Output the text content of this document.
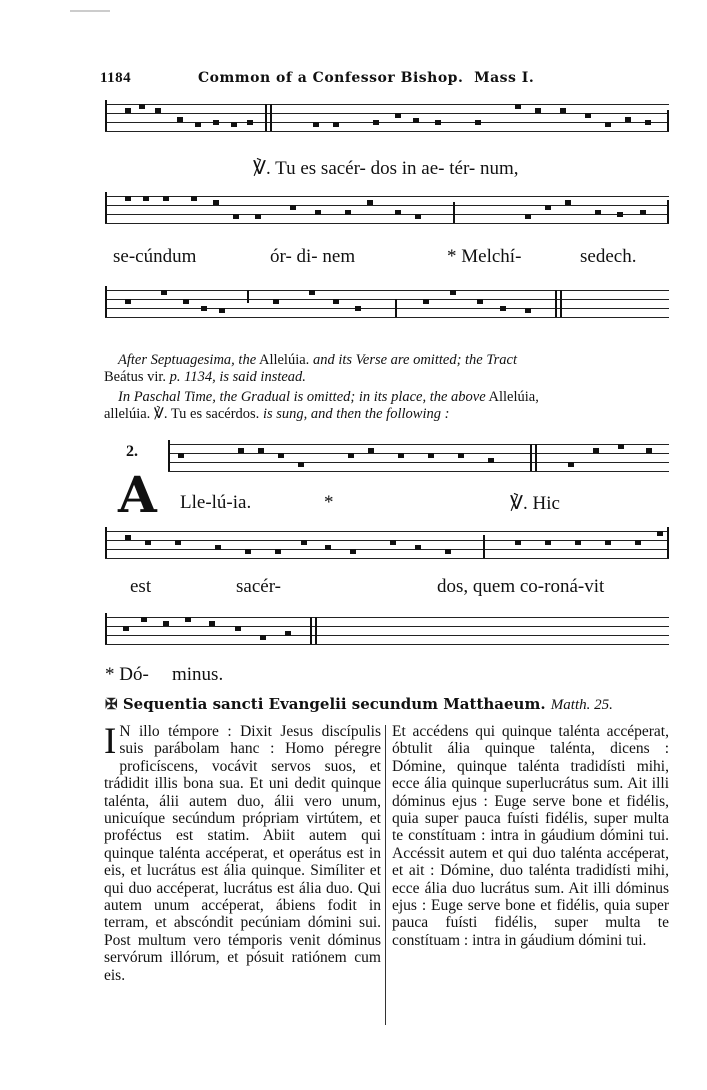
1184	Common of a Confessor Bishop. Mass I.
℣. Tu es sacér- dos in ae- tér- num,
se-cúndum	ór- di- nem	* Melchí-	sedech.
After Septuagesima, the Allelúia. and its Verse are omitted; the Tract
Beátus vir. p. 1134, is said instead.
In Paschal Time, the Gradual is omitted; in its place, the above Allelúia,
allelúia. ℣. Tu es sacérdos. is sung, and then the following :
2.
A Lle-lú-ia.	*	℣. Hic
est	sacér-	dos, quem co-roná-vit
* Dó- minus.
✠ Sequentia sancti Evangelii secundum Matthaeum. Matth. 25.
I N illo témpore : Dixit Jesus discípulis suis parábolam hanc : Homo péregre proficíscens, vocávit servos suos, et trádidit illis bona sua. Et uni dedit quinque talénta, álii autem duo, álii vero unum, unicuíque secúndum própriam virtútem, et proféctus est statim. Abiit autem qui quinque talénta accéperat, et operátus est in eis, et lucrátus est ália quinque. Simíliter et qui duo accéperat, lucrátus est ália duo. Qui autem unum accéperat, ábiens fodit in terram, et abscóndit pecúniam dómini sui. Post multum vero témporis venit dóminus servórum illórum, et pósuit ratiónem cum eis.
Et accédens qui quinque talénta accéperat, óbtulit ália quinque talénta, dicens : Dómine, quinque talénta tradidísti mihi, ecce ália quinque superlucrátus sum. Ait illi dóminus ejus : Euge serve bone et fidélis, quia super pauca fuísti fidélis, super multa te constítuam : intra in gáudium dómini tui. Accéssit autem et qui duo talénta accéperat, et ait : Dómine, duo talénta tradidísti mihi, ecce ália duo lucrátus sum. Ait illi dóminus ejus : Euge serve bone et fidélis, quia super pauca fuísti fidélis, super multa te constítuam : intra in gáudium dómini tui.
